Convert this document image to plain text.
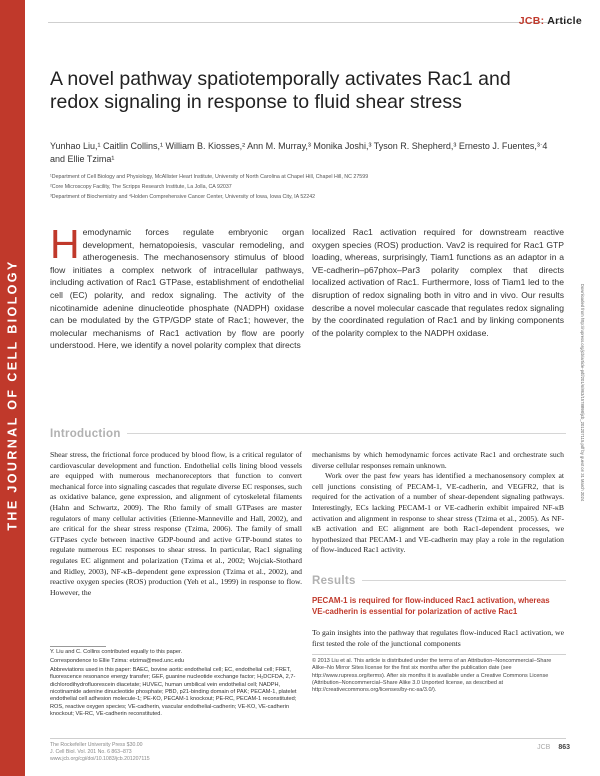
THE JOURNAL OF CELL BIOLOGY
JCB: Article
A novel pathway spatiotemporally activates Rac1 and redox signaling in response to fluid shear stress
Yunhao Liu,¹ Caitlin Collins,¹ William B. Kiosses,² Ann M. Murray,³ Monika Joshi,³ Tyson R. Shepherd,³ Ernesto J. Fuentes,³ˑ4 and Ellie Tzima¹
¹Department of Cell Biology and Physiology, McAllister Heart Institute, University of North Carolina at Chapel Hill, Chapel Hill, NC 27599
²Core Microscopy Facility, The Scripps Research Institute, La Jolla, CA 92037
³Department of Biochemistry and ⁴Holden Comprehensive Cancer Center, University of Iowa, Iowa City, IA 52242
Hemodynamic forces regulate embryonic organ development, hematopoiesis, vascular remodeling, and atherogenesis. The mechanosensory stimulus of blood flow initiates a complex network of intracellular pathways, including activation of Rac1 GTPase, establishment of endothelial cell (EC) polarity, and redox signaling. The activity of the nicotinamide adenine dinucleotide phosphate (NADPH) oxidase can be modulated by the GTP/GDP state of Rac1; however, the molecular mechanisms of Rac1 activation by flow are poorly understood. Here, we identify a novel polarity complex that directs
localized Rac1 activation required for downstream reactive oxygen species (ROS) production. Vav2 is required for Rac1 GTP loading, whereas, surprisingly, Tiam1 functions as an adaptor in a VE-cadherin–p67phox–Par3 polarity complex that directs localized activation of Rac1. Furthermore, loss of Tiam1 led to the disruption of redox signaling both in vitro and in vivo. Our results describe a novel molecular cascade that regulates redox signaling by the coordinated regulation of Rac1 and by linking components of the polarity complex to the NADPH oxidase.	Downloaded from http://rupress.org/jcb/article-pdf/201/6/863/1578898/jcb_201207115.pdf by guest on 31 March 2024
Introduction

Shear stress, the frictional force produced by blood flow, is a critical regulator of cardiovascular development and function. Endothelial cells lining blood vessels are equipped with numerous mechanoreceptors that function to convert mechanical force into signaling cascades that regulate diverse EC responses, such as oxidative balance, gene expression, and alignment of cytoskeletal filaments (Hahn and Schwartz, 2009). The Rho family of small GTPases are master regulators of many cellular activities (Etienne-Manneville and Hall, 2002), and are critical for the shear stress response (Tzima, 2006). The family of small GTPases cycle between inactive GDP-bound and active GTP-bound states to regulate numerous EC responses to shear stress. In particular, Rac1 signaling regulates EC alignment and polarization (Tzima et al., 2002; Wojciak-Stothard and Ridley, 2003), NF-κB–dependent gene expression (Tzima et al., 2002), and reactive oxygen species (ROS) production (Yeh et al., 1999) in response to flow. However, the

mechanisms by which hemodynamic forces activate Rac1 and orchestrate such diverse cellular responses remain unknown.

Work over the past few years has identified a mechanosensory complex at cell junctions consisting of PECAM-1, VE-cadherin, and VEGFR2, that is required for the activation of a number of shear-dependent signaling pathways. Interestingly, ECs lacking PECAM-1 or VE-cadherin exhibit impaired NF-κB activation and alignment in response to shear stress (Tzima et al., 2005). As NF-κB activation and EC alignment are both Rac1-dependent processes, we hypothesized that PECAM-1 and VE-cadherin may play a role in the regulation of flow-induced Rac1 activity.

Results
PECAM-1 is required for flow-induced Rac1 activation, whereas VE-cadherin is essential for polarization of active Rac1

To gain insights into the pathway that regulates flow-induced Rac1 activation, we first tested the role of the junctional components

Y. Liu and C. Collins contributed equally to this paper.

Correspondence to Ellie Tzima: etzima@med.unc.edu

Abbreviations used in this paper: BAEC, bovine aortic endothelial cell; EC, endothelial cell; FRET, fluorescence resonance energy transfer; GEF, guanine nucleotide exchange factor; H₂DCFDA, 2,7-dichlorodihydrofluorescein diacetate; HUVEC, human umbilical vein endothelial cell; NADPH, nicotinamide adenine dinucleotide phosphate; PBD, p21-binding domain of PAK; PECAM-1, platelet endothelial cell adhesion molecule-1; PE-KO, PECAM-1 knockout; PE-RC, PECAM-1 reconstituted; ROS, reactive oxygen species; VE-cadherin, vascular endothelial-cadherin; VE-KO, VE-cadherin knockout; VE-RC, VE-cadherin reconstituted.

© 2013 Liu et al. This article is distributed under the terms of an Attribution–Noncommercial–Share Alike–No Mirror Sites license for the first six months after the publication date (see http://www.rupress.org/terms). After six months it is available under a Creative Commons License (Attribution–Noncommercial–Share Alike 3.0 Unported license, as described at http://creativecommons.org/licenses/by-nc-sa/3.0/).
The Rockefeller University Press $30.00
J. Cell Biol. Vol. 201 No. 6 863–873
www.jcb.org/cgi/doi/10.1083/jcb.201207115
JCB 863
